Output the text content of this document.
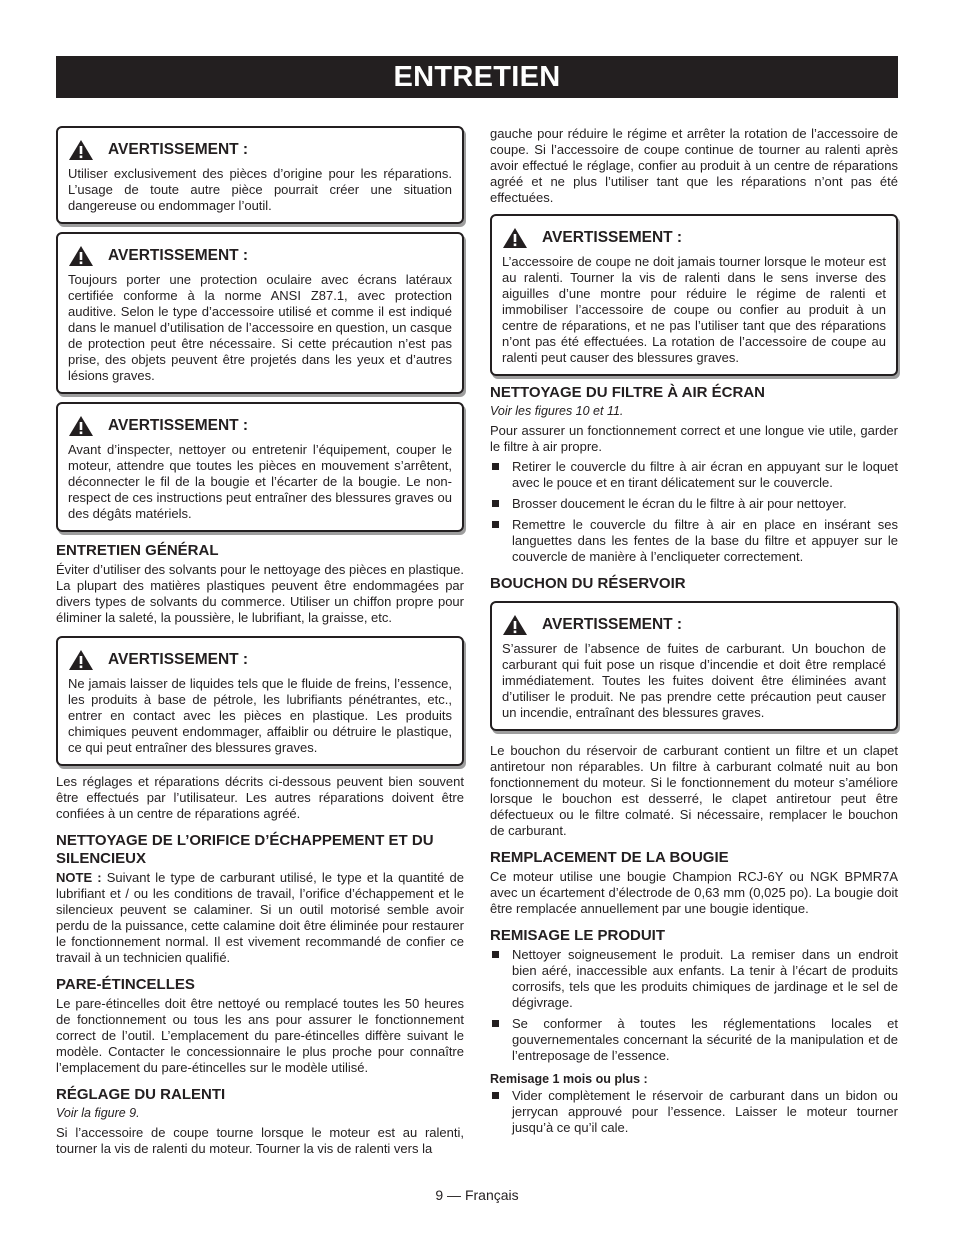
ENTRETIEN
AVERTISSEMENT :

Utiliser exclusivement des pièces d’origine pour les réparations. L’usage de toute autre pièce pourrait créer une situation dangereuse ou endommager l’outil.

AVERTISSEMENT :

Toujours porter une protection oculaire avec écrans latéraux certifiée conforme à la norme ANSI Z87.1, avec protection auditive. Selon le type d’accessoire utilisé et comme il est indiqué dans le manuel d’utilisation de l’accessoire en question, un casque de protection peut être nécessaire. Si cette précaution n’est pas prise, des objets peuvent être projetés dans les yeux et d’autres lésions graves.

AVERTISSEMENT :

Avant d’inspecter, nettoyer ou entretenir l’équipement, couper le moteur, attendre que toutes les pièces en mouvement s’arrêtent, déconnecter le fil de la bougie et l’écarter de la bougie. Le non-respect de ces instructions peut entraîner des blessures graves ou des dégâts matériels.

ENTRETIEN GÉNÉRAL

Éviter d’utiliser des solvants pour le nettoyage des pièces en plastique. La plupart des matières plastiques peuvent être endommagées par divers types de solvants du commerce. Utiliser un chiffon propre pour éliminer la saleté, la poussière, le lubrifiant, la graisse, etc.

AVERTISSEMENT :

Ne jamais laisser de liquides tels que le fluide de freins, l’essence, les produits à base de pétrole, les lubrifiants pénétrantes, etc., entrer en contact avec les pièces en plastique. Les produits chimiques peuvent endommager, affaiblir ou détruire le plastique, ce qui peut entraîner des blessures graves.

Les réglages et réparations décrits ci-dessous peuvent bien souvent être effectués par l’utilisateur. Les autres réparations doivent être confiées à un centre de réparations agréé.

NETTOYAGE DE L’ORIFICE D’ÉCHAPPEMENT ET DU SILENCIEUX

NOTE : Suivant le type de carburant utilisé, le type et la quantité de lubrifiant et / ou les conditions de travail, l’orifice d’échappement et le silencieux peuvent se calaminer. Si un outil motorisé semble avoir perdu de la puissance, cette calamine doit être éliminée pour restaurer le fonctionnement normal. Il est vivement recommandé de confier ce travail à un technicien qualifié.

PARE-ÉTINCELLES

Le pare-étincelles doit être nettoyé ou remplacé toutes les 50 heures de fonctionnement ou tous les ans pour assurer le fonctionnement correct de l’outil. L’emplacement du pare-étincelles diffère suivant le modèle. Contacter le concessionnaire le plus proche pour connaître l’emplacement du pare-étincelles sur le modèle utilisé.

RÉGLAGE DU RALENTI

Voir la figure 9.

Si l’accessoire de coupe tourne lorsque le moteur est au ralenti, tourner la vis de ralenti du moteur. Tourner la vis de ralenti vers la

gauche pour réduire le régime et arrêter la rotation de l’accessoire de coupe. Si l’accessoire de coupe continue de tourner au ralenti après avoir effectué le réglage, confier au produit à un centre de réparations agréé et ne plus l’utiliser tant que les réparations n’ont pas été effectuées.

AVERTISSEMENT :

L’accessoire de coupe ne doit jamais tourner lorsque le moteur est au ralenti. Tourner la vis de ralenti dans le sens inverse des aiguilles d’une montre pour réduire le régime de ralenti et immobiliser l’accessoire de coupe ou confier au produit à un centre de réparations, et ne pas l’utiliser tant que des réparations n’ont pas été effectuées. La rotation de l’accessoire de coupe au ralenti peut causer des blessures graves.

NETTOYAGE DU FILTRE À AIR ÉCRAN

Voir les figures 10 et 11.

Pour assurer un fonctionnement correct et une longue vie utile, garder le filtre à air propre.

Retirer le couvercle du filtre à air écran en appuyant sur le loquet avec le pouce et en tirant délicatement sur le couvercle.
Brosser doucement le écran du le filtre à air pour nettoyer.
Remettre le couvercle du filtre à air en place en insérant ses languettes dans les fentes de la base du filtre et appuyer sur le couvercle de manière à l’encliqueter correctement.
BOUCHON DU RÉSERVOIR
AVERTISSEMENT :

S’assurer de l’absence de fuites de carburant. Un bouchon de carburant qui fuit pose un risque d’incendie et doit être remplacé immédiatement. Toutes les fuites doivent être éliminées avant d’utiliser le produit. Ne pas prendre cette précaution peut causer un incendie, entraînant des blessures graves.

Le bouchon du réservoir de carburant contient un filtre et un clapet antiretour non réparables. Un filtre à carburant colmaté nuit au bon fonctionnement du moteur. Si le fonctionnement du moteur s’améliore lorsque le bouchon est desserré, le clapet antiretour peut être défectueux ou le filtre colmaté. Si nécessaire, remplacer le bouchon de carburant.

REMPLACEMENT DE LA BOUGIE

Ce moteur utilise une bougie Champion RCJ-6Y ou NGK BPMR7A avec un écartement d’électrode de 0,63 mm (0,025 po). La bougie doit être remplacée annuellement par une bougie identique.

REMISAGE LE PRODUIT
Nettoyer soigneusement le produit. La remiser dans un endroit bien aéré, inaccessible aux enfants. La tenir à l’écart de produits corrosifs, tels que les produits chimiques de jardinage et le sel de dégivrage.
Se conformer à toutes les réglementations locales et gouvernementales concernant la sécurité de la manipulation et de l’entreposage de l’essence.
Remisage 1 mois ou plus :
Vider complètement le réservoir de carburant dans un bidon ou jerrycan approuvé pour l’essence. Laisser le moteur tourner jusqu’à ce qu’il cale.
9 — Français
